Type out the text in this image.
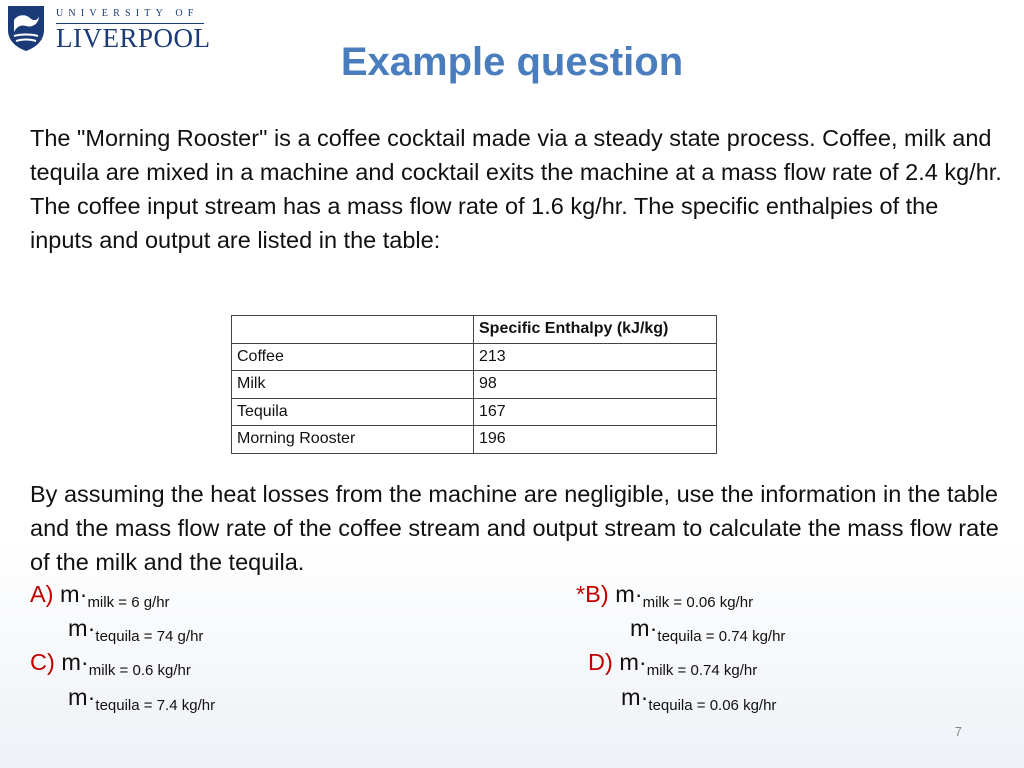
UNIVERSITY OF
LIVERPOOL
Example question
The "Morning Rooster" is a coffee cocktail made via a steady state process. Coffee, milk and tequila are mixed in a machine and cocktail exits the machine at a mass flow rate of 2.4 kg/hr. The coffee input stream has a mass flow rate of 1.6 kg/hr. The specific enthalpies of the inputs and output are listed in the table:
	Specific Enthalpy (kJ/kg)
Coffee	213
Milk	98
Tequila	167
Morning Rooster	196
By assuming the heat losses from the machine are negligible, use the information in the table and the mass flow rate of the coffee stream and output stream to calculate the mass flow rate of the milk and the tequila.
A) $m\cdot_{milk = 6 g/hr}$
$m\cdot_{tequila = 74 g/hr}$
*B) $m\cdot_{milk = 0.06 kg/hr}$
$m\cdot_{tequila = 0.74 kg/hr}$
C) $m\cdot_{milk = 0.6 kg/hr}$
$m\cdot_{tequila = 7.4 kg/hr}$
D) $m\cdot_{milk = 0.74 kg/hr}$
$m\cdot_{tequila = 0.06 kg/hr}$
7
